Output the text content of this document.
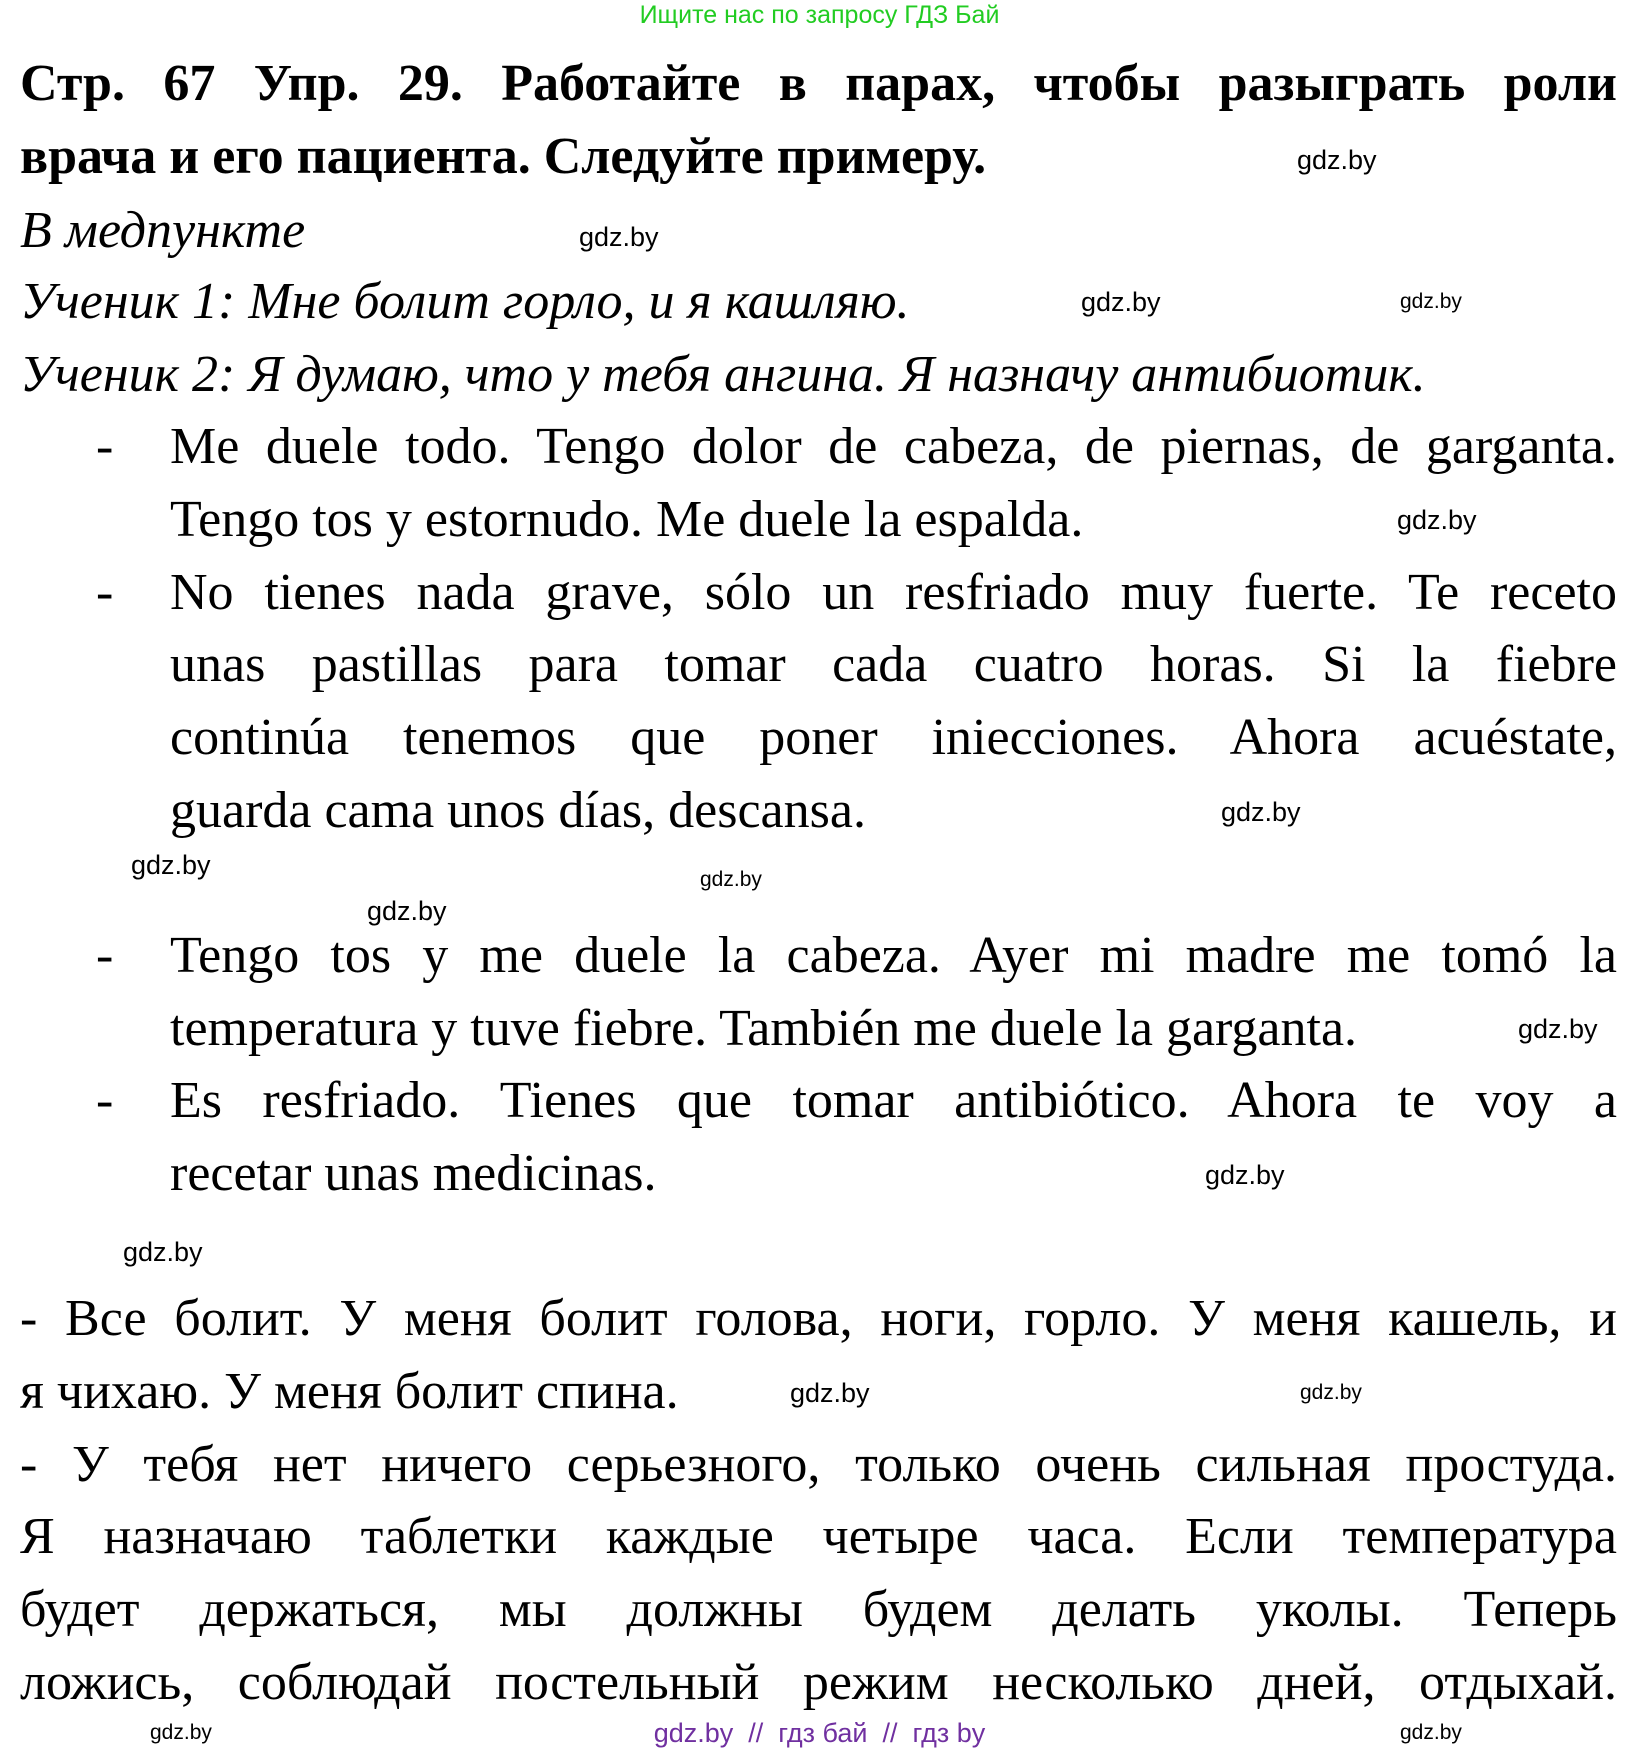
Ищите нас по запросу ГДЗ Бай
Стр. 67 Упр. 29. Работайте в парах, чтобы разыграть роли
врача и его пациента. Следуйте примеру.
В медпункте
Ученик 1: Мне болит горло, и я кашляю.
Ученик 2: Я думаю, что у тебя ангина. Я назначу антибиотик.
- Me duele todo. Tengo dolor de cabeza, de piernas, de garganta.
Tengo tos y estornudo. Me duele la espalda.
- No tienes nada grave, sólo un resfriado muy fuerte. Te receto
unas pastillas para tomar cada cuatro horas. Si la fiebre
continúa tenemos que poner iniecciones. Ahora acuéstate,
guarda cama unos días, descansa.
- Tengo tos y me duele la cabeza. Ayer mi madre me tomó la
temperatura y tuve fiebre. También me duele la garganta.
- Es resfriado. Tienes que tomar antibiótico. Ahora te voy a
recetar unas medicinas.
- Все болит. У меня болит голова, ноги, горло. У меня кашель, и
я чихаю. У меня болит спина.
- У тебя нет ничего серьезного, только очень сильная простуда.
Я назначаю таблетки каждые четыре часа. Если температура
будет держаться, мы должны будем делать уколы. Теперь
ложись, соблюдай постельный режим несколько дней, отдыхай.
gdz.by
gdz.by
gdz.by	gdz.by
gdz.by
gdz.by
gdz.by
gdz.by
gdz.by
gdz.by
gdz.by
gdz.by
gdz.by	gdz.by
gdz.by	gdz.by
gdz.by  //  гдз бай  //  гдз by
